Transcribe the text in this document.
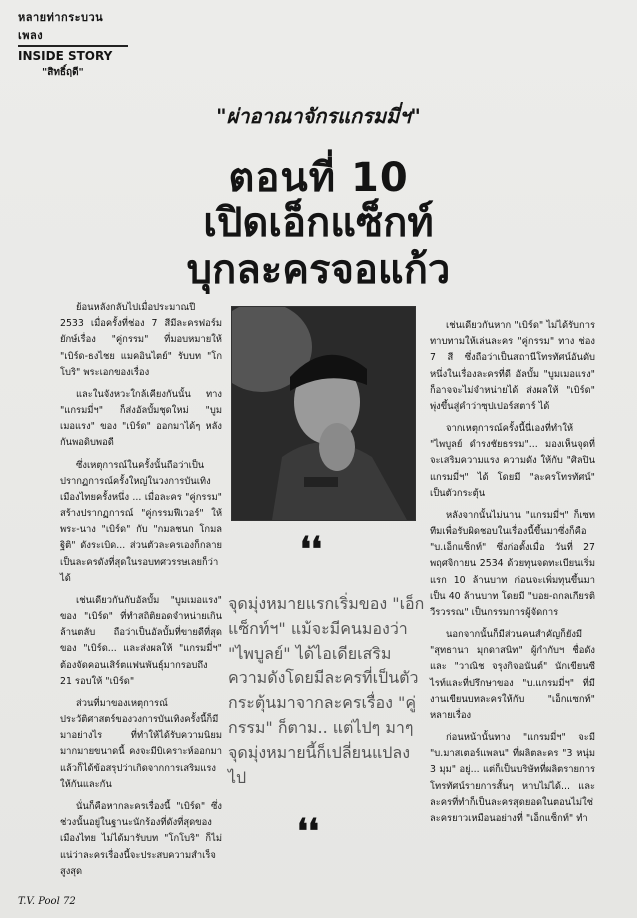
หลายท่ากระบวนเพลง
INSIDE STORY
"สิทธิ์ฤดี"
"ผ่าอาณาจักรแกรมมี่ฯ"
ตอนที่ 10
เปิดเอ็กแซ็กท์
บุกละครจอแก้ว

ย้อนหลังกลับไปเมื่อประมาณปี 2533 เมื่อครั้งที่ช่อง 7 สีมีละครฟอร์มยักษ์เรื่อง "คู่กรรม" ที่มอบหมายให้ "เบิร์ด-ธงไชย แมคอินไตย์" รับบท "โกโบริ" พระเอกของเรื่อง

และในจังหวะใกล้เคียงกันนั้น ทาง "แกรมมี่ฯ" ก็ส่งอัลบั้มชุดใหม่ "บูมเมอแรง" ของ "เบิร์ด" ออกมาได้ๆ หลังกันพอดิบพอดี

ซึ่งเหตุการณ์ในครั้งนั้นถือว่าเป็นปรากฏการณ์ครั้งใหญ่ในวงการบันเทิงเมืองไทยครั้งหนึ่ง ... เมื่อละคร "คู่กรรม" สร้างปรากฏการณ์ "คู่กรรมฟีเวอร์" ให้พระ-นาง "เบิร์ด" กับ "กมลชนก โกมลฐิติ" ดังระเบิด... ส่วนตัวละครเองก็กลายเป็นละครดังที่สุดในรอบทศวรรษเลยก็ว่าได้

เช่นเดียวกันกับอัลบั้ม "บูมเมอแรง" ของ "เบิร์ด" ที่ทำสถิติยอดจำหน่ายเกินล้านตลับ ถือว่าเป็นอัลบั้มที่ขายดีที่สุดของ "เบิร์ด... และส่งผลให้ "แกรมมี่ฯ" ต้องจัดคอนเสิร์ตแฟนพันธุ์มากรอบถึง 21 รอบให้ "เบิร์ด"

ส่วนที่มาของเหตุการณ์ประวัติศาสตร์ของวงการบันเทิงครั้งนี้ก็มีมาอย่างไร ที่ทำให้ได้รับความนิยมมากมายขนาดนี้ คงจะมีบิเคราะห์ออกมาแล้วก็ได้ข้อสรุปว่าเกิดจากการเสริมแรงให้กันและกัน

นั่นก็คือหากละครเรื่องนี้ "เบิร์ด" ซึ่งช่วงนั้นอยู่ในฐานะนักร้องที่ดังที่สุดของเมืองไทย ไม่ได้มารับบท "โกโบริ" ก็ไม่แน่ว่าละครเรื่องนี้จะประสบความสำเร็จสูงสุด

❛❛
จุดมุ่งหมายแรกเริ่มของ "เอ็กแซ็กท์ฯ" แม้จะมีคนมองว่า "ไพบูลย์" ได้ไอเดียเสริมความดังโดยมีละครที่เป็นตัวกระตุ้นมาจากละครเรื่อง "คู่กรรม" ก็ตาม.. แต่ไปๆ มาๆ จุดมุ่งหมายนี้ก็เปลี่ยนแปลงไป
❛❛

เช่นเดียวกันหาก "เบิร์ด" ไม่ได้รับการทาบทามให้เล่นละคร "คู่กรรม" ทาง ช่อง 7 สี ซึ่งถือว่าเป็นสถานีโทรทัศน์อันดับหนึ่งในเรื่องละครที่ดี อัลบั้ม "บูมเมอแรง" ก็อาจจะไม่จำหน่ายได้ ส่งผลให้ "เบิร์ด" พุ่งขึ้นสู่คำว่าซุปเปอร์สตาร์ ได้

จากเหตุการณ์ครั้งนี้นี่เองที่ทำให้ "ไพบูลย์ ดำรงชัยธรรม"... มองเห็นจุดที่จะเสริมความแรง ความดัง ให้กับ "ศิลปินแกรมมี่ฯ" ได้ โดยมี "ละครโทรทัศน์" เป็นตัวกระตุ้น

หลังจากนั้นไม่นาน "แกรมมี่ฯ" ก็เซททีมเพื่อรับผิดชอบในเรื่องนี้ขึ้นมาซึ่งก็คือ "บ.เอ็กแซ็กท์" ซึ่งก่อตั้งเมื่อ วันที่ 27 พฤศจิกายน 2534 ด้วยทุนจดทะเบียนเริ่มแรก 10 ล้านบาท ก่อนจะเพิ่มทุนขึ้นมาเป็น 40 ล้านบาท โดยมี "บอย-ถกลเกียรติ วีรวรรณ" เป็นกรรมการผู้จัดการ

นอกจากนั้นก็มีส่วนคนสำคัญก็ยังมี "สุทธานา มุกดาสนิท" ผู้กำกับฯ ชื่อดังและ "วาณิช จรุงกิจอนันต์" นักเขียนซีไรท์และที่ปรึกษาของ "บ.แกรมมี่ฯ" ที่มีงานเขียนบทละครให้กับ "เอ็กแซกท์" หลายเรื่อง

ก่อนหน้านั้นทาง "แกรมมี่ฯ" จะมี "บ.มาสเตอร์แพลน" ที่ผลิตละคร "3 หนุ่ม 3 มุม" อยู่... แต่ก็เป็นบริษัทที่ผลิตรายการโทรทัศน์รายการสั้นๆ หาบไม่ได้... และละครที่ทำก็เป็นละครสุดยอดในตอนไม่ใช่ละครยาวเหมือนอย่างที่ "เอ็กแซ็กท์" ทำ

T.V. Pool 72
